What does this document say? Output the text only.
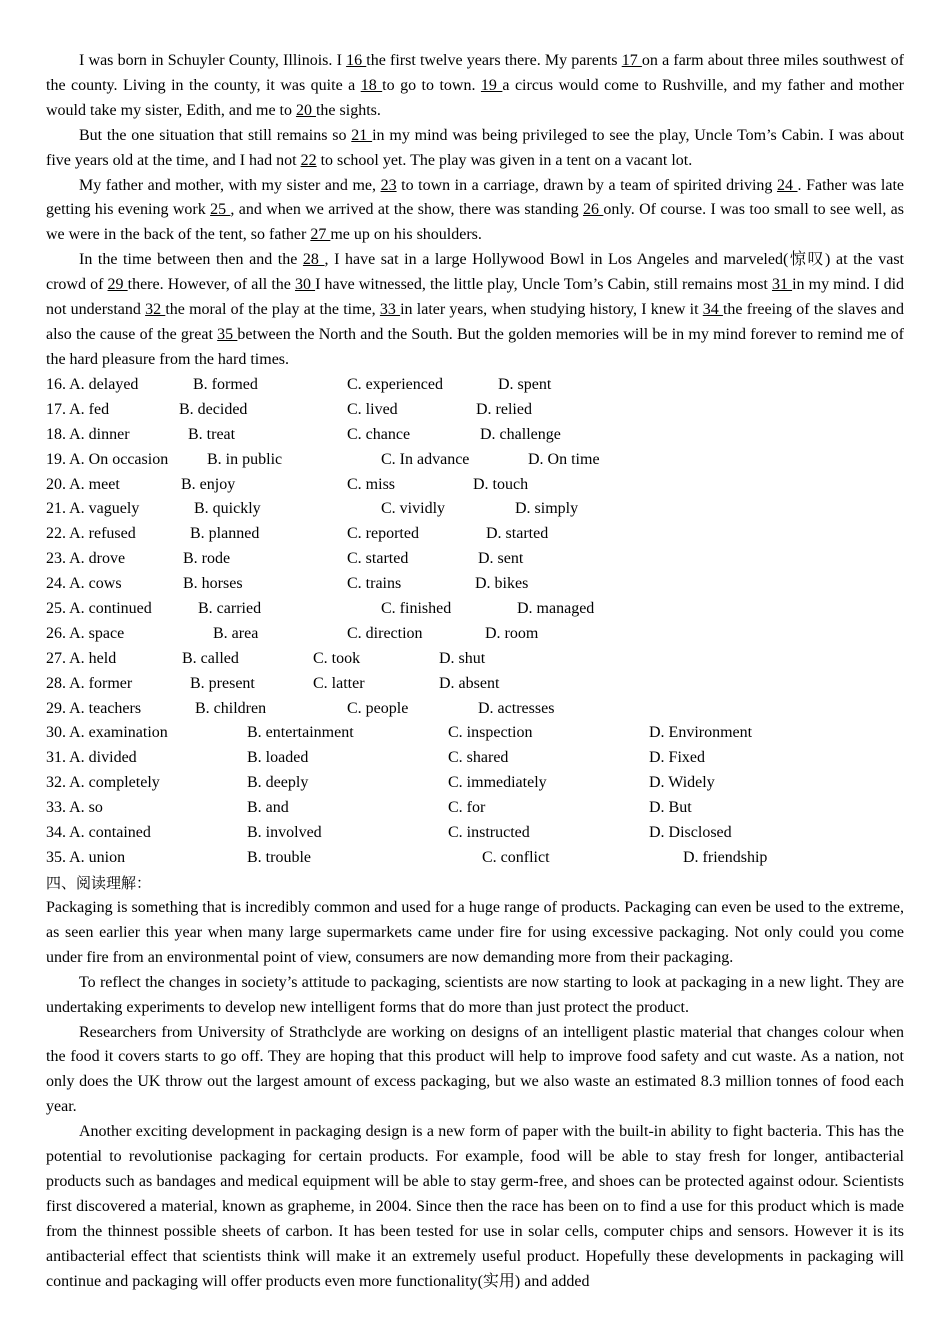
I was born in Schuyler County, Illinois. I 16 the first twelve years there. My parents 17 on a farm about three miles southwest of the county. Living in the county, it was quite a 18 to go to town. 19 a circus would come to Rushville, and my father and mother would take my sister, Edith, and me to 20 the sights.

But the one situation that still remains so 21 in my mind was being privileged to see the play, Uncle Tom’s Cabin. I was about five years old at the time, and I had not 22 to school yet. The play was given in a tent on a vacant lot.

My father and mother, with my sister and me, 23 to town in a carriage, drawn by a team of spirited driving 24 . Father was late getting his evening work 25 , and when we arrived at the show, there was standing 26 only. Of course. I was too small to see well, as we were in the back of the tent, so father 27 me up on his shoulders.

In the time between then and the 28 , I have sat in a large Hollywood Bowl in Los Angeles and marveled(惊叹) at the vast crowd of 29 there. However, of all the 30 I have witnessed, the little play, Uncle Tom’s Cabin, still remains most 31 in my mind. I did not understand 32 the moral of the play at the time, 33 in later years, when studying history, I knew it 34 the freeing of the slaves and also the cause of the great 35 between the North and the South. But the golden memories will be in my mind forever to remind me of the hard pleasure from the hard times.

16. A. delayed	B. formed	C. experienced	D. spent
17. A. fed	B. decided	C. lived	D. relied
18. A. dinner	B. treat	C. chance	D. challenge
19. A. On occasion B. in public	C. In advance	D. On time
20. A. meet	B. enjoy	C. miss	D. touch
21. A. vaguely	B. quickly	C. vividly	D. simply
22. A. refused	B. planned	C. reported	D. started
23. A. drove	B. rode	C. started	D. sent
24. A. cows	B. horses	C. trains	D. bikes
25. A. continued	B. carried	C. finished	D. managed
26. A. space	B. area	C. direction	D. room
27. A. held	B. called	C. took	D. shut
28. A. former	B. present	C. latter	D. absent
29. A. teachers	B. children	C. people	D. actresses
30. A. examination	B. entertainment	C. inspection	D. Environment
31. A. divided	B. loaded	C. shared	D. Fixed
32. A. completely	B. deeply	C. immediately	D. Widely
33. A. so	B. and	C. for	D. But
34. A. contained	B. involved	C. instructed	D. Disclosed
35. A. union	B. trouble	C. conflict	D. friendship
四、阅读理解：

Packaging is something that is incredibly common and used for a huge range of products. Packaging can even be used to the extreme, as seen earlier this year when many large supermarkets came under fire for using excessive packaging. Not only could you come under fire from an environmental point of view, consumers are now demanding more from their packaging.

To reflect the changes in society’s attitude to packaging, scientists are now starting to look at packaging in a new light. They are undertaking experiments to develop new intelligent forms that do more than just protect the product.

Researchers from University of Strathclyde are working on designs of an intelligent plastic material that changes colour when the food it covers starts to go off. They are hoping that this product will help to improve food safety and cut waste. As a nation, not only does the UK throw out the largest amount of excess packaging, but we also waste an estimated 8.3 million tonnes of food each year.

Another exciting development in packaging design is a new form of paper with the built-in ability to fight bacteria. This has the potential to revolutionise packaging for certain products. For example, food will be able to stay fresh for longer, antibacterial products such as bandages and medical equipment will be able to stay germ-free, and shoes can be protected against odour. Scientists first discovered a material, known as grapheme, in 2004. Since then the race has been on to find a use for this product which is made from the thinnest possible sheets of carbon. It has been tested for use in solar cells, computer chips and sensors. However it is its antibacterial effect that scientists think will make it an extremely useful product. Hopefully these developments in packaging will continue and packaging will offer products even more functionality(实用) and added
